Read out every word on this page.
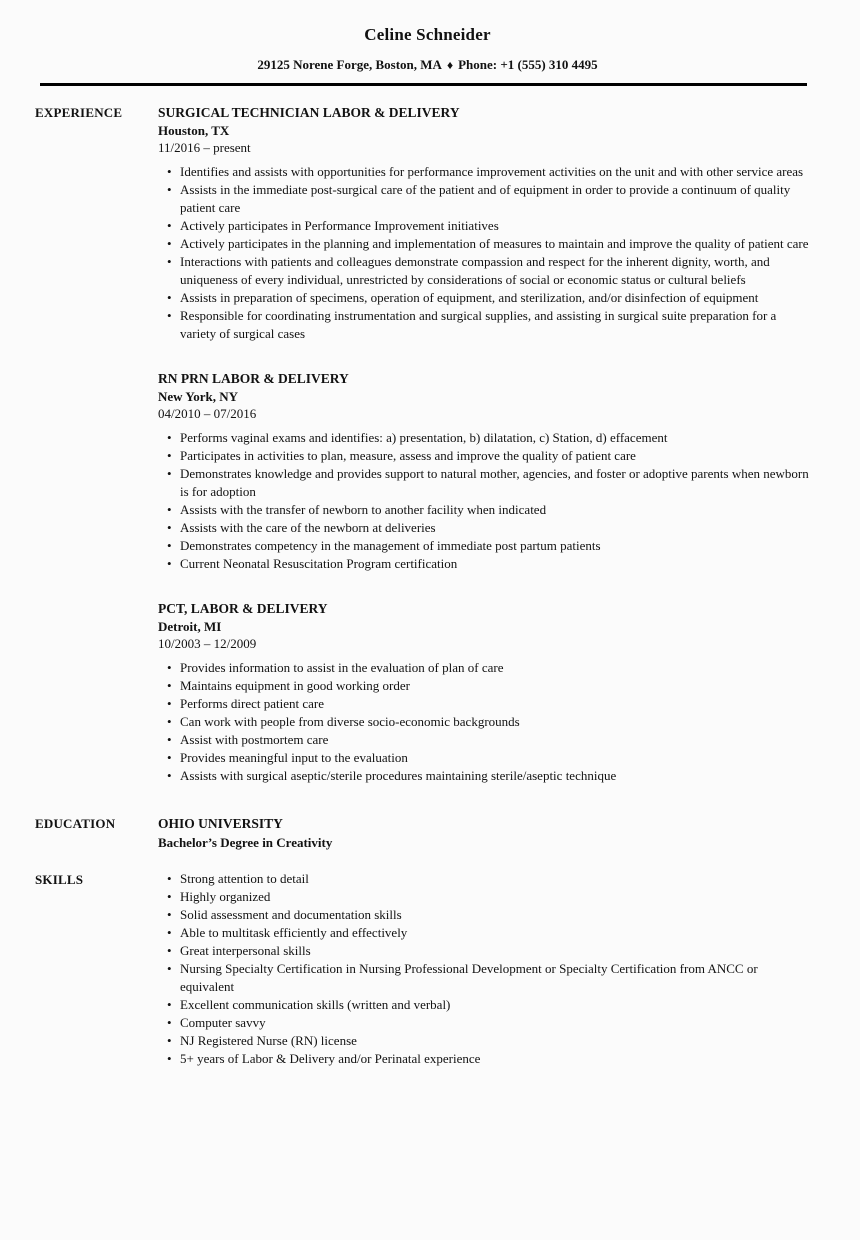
Celine Schneider
29125 Norene Forge, Boston, MA ♦ Phone: +1 (555) 310 4495
EXPERIENCE	SURGICAL TECHNICIAN LABOR & DELIVERY
Houston, TX
11/2016 – present
• Identifies and assists with opportunities for performance improvement activities on the unit and with other service areas
• Assists in the immediate post-surgical care of the patient and of equipment in order to provide a continuum of quality patient care
• Actively participates in Performance Improvement initiatives
• Actively participates in the planning and implementation of measures to maintain and improve the quality of patient care
• Interactions with patients and colleagues demonstrate compassion and respect for the inherent dignity, worth, and uniqueness of every individual, unrestricted by considerations of social or economic status or cultural beliefs
• Assists in preparation of specimens, operation of equipment, and sterilization, and/or disinfection of equipment
• Responsible for coordinating instrumentation and surgical supplies, and assisting in surgical suite preparation for a variety of surgical cases
RN PRN LABOR & DELIVERY
New York, NY
04/2010 – 07/2016
• Performs vaginal exams and identifies: a) presentation, b) dilatation, c) Station, d) effacement
• Participates in activities to plan, measure, assess and improve the quality of patient care
• Demonstrates knowledge and provides support to natural mother, agencies, and foster or adoptive parents when newborn is for adoption
• Assists with the transfer of newborn to another facility when indicated
• Assists with the care of the newborn at deliveries
• Demonstrates competency in the management of immediate post partum patients
• Current Neonatal Resuscitation Program certification
PCT, LABOR & DELIVERY
Detroit, MI
10/2003 – 12/2009
• Provides information to assist in the evaluation of plan of care
• Maintains equipment in good working order
• Performs direct patient care
• Can work with people from diverse socio-economic backgrounds
• Assist with postmortem care
• Provides meaningful input to the evaluation
• Assists with surgical aseptic/sterile procedures maintaining sterile/aseptic technique
EDUCATION	OHIO UNIVERSITY
Bachelor’s Degree in Creativity
SKILLS	• Strong attention to detail
• Highly organized
• Solid assessment and documentation skills
• Able to multitask efficiently and effectively
• Great interpersonal skills
• Nursing Specialty Certification in Nursing Professional Development or Specialty Certification from ANCC or equivalent
• Excellent communication skills (written and verbal)
• Computer savvy
• NJ Registered Nurse (RN) license
• 5+ years of Labor & Delivery and/or Perinatal experience
